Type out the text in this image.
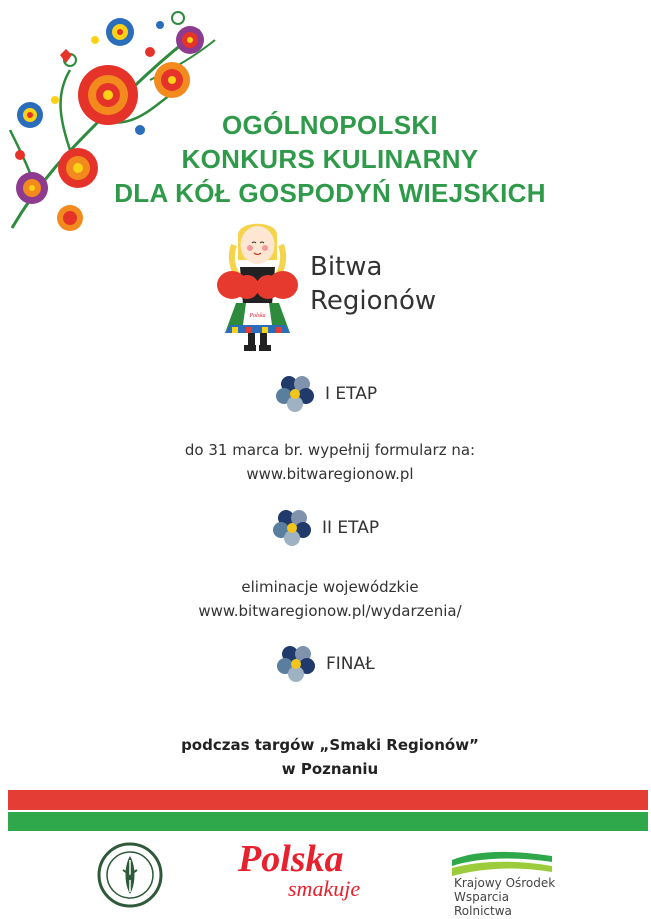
OGÓLNOPOLSKI
KONKURS KULINARNY
DLA KÓŁ GOSPODYŃ WIEJSKICH
Polska
Bitwa
Regionów
I ETAP
do 31 marca br. wypełnij formularz na:
www.bitwaregionow.pl
II ETAP
eliminacje wojewódzkie
www.bitwaregionow.pl/wydarzenia/
FINAŁ
podczas targów „Smaki Regionów”
w Poznaniu
Polska
smakuje	Krajowy Ośrodek
Wsparcia Rolnictwa
